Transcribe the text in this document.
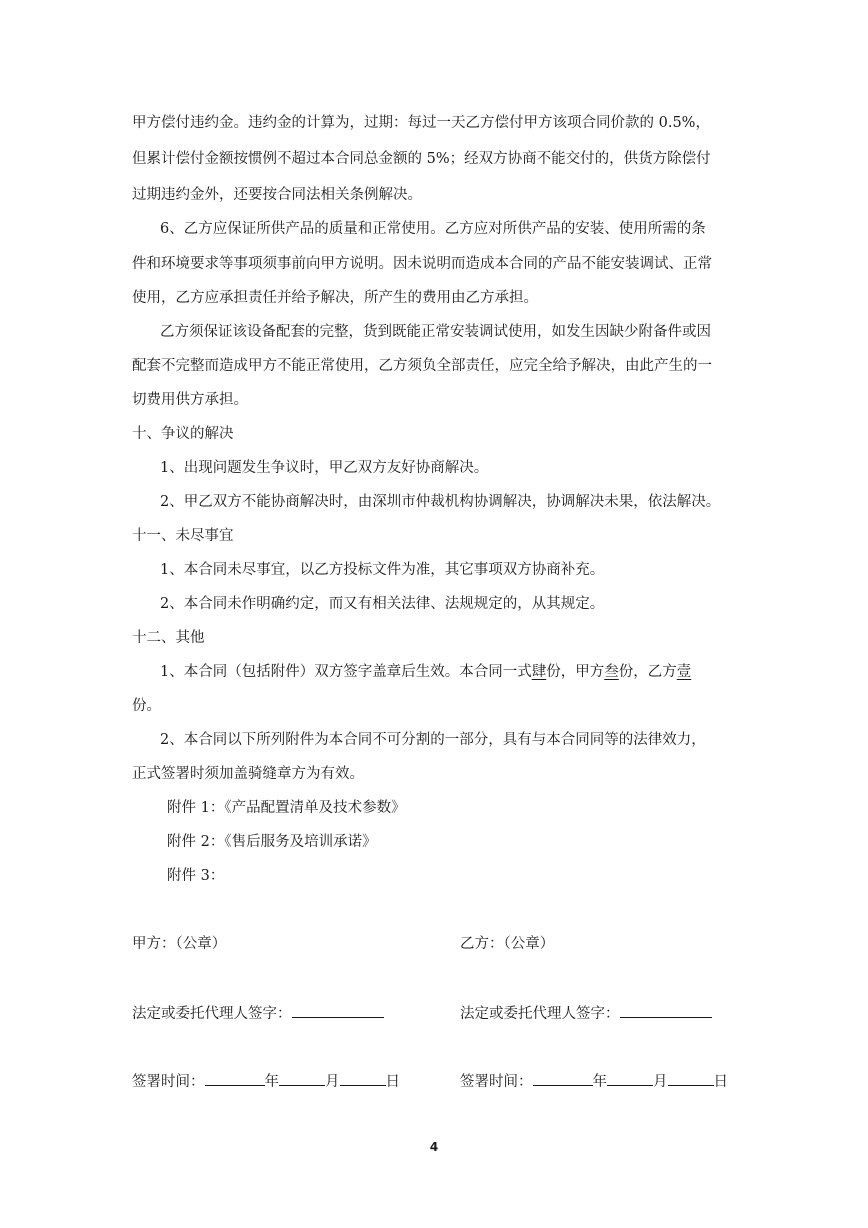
甲方偿付违约金。违约金的计算为，过期：每过一天乙方偿付甲方该项合同价款的 0.5%，
但累计偿付金额按惯例不超过本合同总金额的 5%；经双方协商不能交付的，供货方除偿付
过期违约金外，还要按合同法相关条例解决。
6、乙方应保证所供产品的质量和正常使用。乙方应对所供产品的安装、使用所需的条
件和环境要求等事项须事前向甲方说明。因未说明而造成本合同的产品不能安装调试、正常
使用，乙方应承担责任并给予解决，所产生的费用由乙方承担。
乙方须保证该设备配套的完整，货到既能正常安装调试使用，如发生因缺少附备件或因
配套不完整而造成甲方不能正常使用，乙方须负全部责任，应完全给予解决，由此产生的一
切费用供方承担。
十、争议的解决
1、出现问题发生争议时，甲乙双方友好协商解决。
2、甲乙双方不能协商解决时，由深圳市仲裁机构协调解决，协调解决未果，依法解决。
十一、未尽事宜
1、本合同未尽事宜，以乙方投标文件为准，其它事项双方协商补充。
2、本合同未作明确约定，而又有相关法律、法规规定的，从其规定。
十二、其他
1、本合同（包括附件）双方签字盖章后生效。本合同一式肆份，甲方叁份，乙方壹
份。
2、本合同以下所列附件为本合同不可分割的一部分，具有与本合同同等的法律效力，
正式签署时须加盖骑缝章方为有效。
附件 1：《产品配置清单及技术参数》
附件 2：《售后服务及培训承诺》
附件 3：
甲方：（公章）	乙方：（公章）
法定或委托代理人签字：	法定或委托代理人签字：
签署时间：	年	月	日	签署时间：	年	月	日
4
